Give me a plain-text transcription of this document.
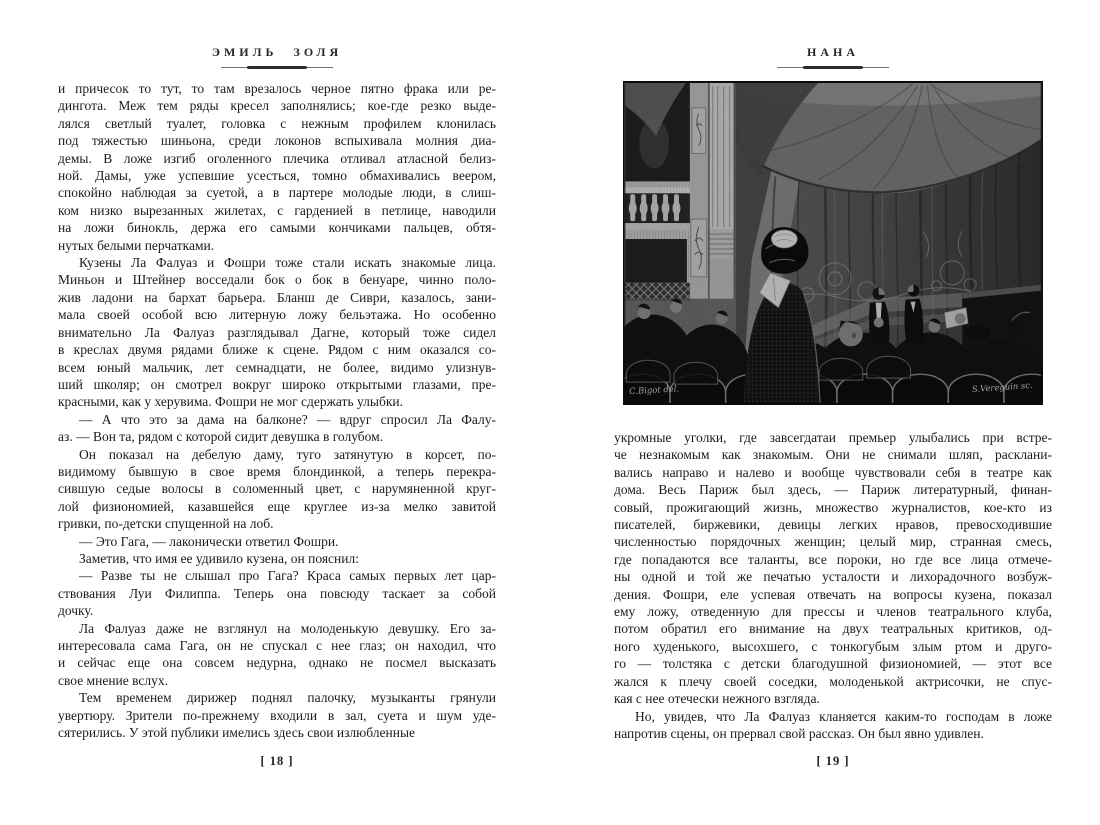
ЭМИЛЬ ЗОЛЯ
и причесок то тут, то там врезалось черное пятно фрака или ре-
дингота. Меж тем ряды кресел заполнялись; кое-где резко выде-
лялся светлый туалет, головка с нежным профилем клонилась
под тяжестью шиньона, среди локонов вспыхивала молния диа-
демы. В ложе изгиб оголенного плечика отливал атласной белиз-
ной. Дамы, уже успевшие усесться, томно обмахивались веером,
спокойно наблюдая за суетой, а в партере молодые люди, в слиш-
ком низко вырезанных жилетах, с гарденией в петлице, наводили
на ложи бинокль, держа его самыми кончиками пальцев, обтя-
нутых белыми перчатками.
Кузены Ла Фалуаз и Фошри тоже стали искать знакомые лица.
Миньон и Штейнер восседали бок о бок в бенуаре, чинно поло-
жив ладони на бархат барьера. Бланш де Сиври, казалось, зани-
мала своей особой всю литерную ложу бельэтажа. Но особенно
внимательно Ла Фалуаз разглядывал Дагне, который тоже сидел
в креслах двумя рядами ближе к сцене. Рядом с ним оказался со-
всем юный мальчик, лет семнадцати, не более, видимо улизнув-
ший школяр; он смотрел вокруг широко открытыми глазами, пре-
красными, как у херувима. Фошри не мог сдержать улыбки.
— А что это за дама на балконе? — вдруг спросил Ла Фалу-
аз. — Вон та, рядом с которой сидит девушка в голубом.
Он показал на дебелую даму, туго затянутую в корсет, по-
видимому бывшую в свое время блондинкой, а теперь перекра-
сившую седые волосы в соломенный цвет, с нарумяненной круг-
лой физиономией, казавшейся еще круглее из-за мелко завитой
гривки, по-детски спущенной на лоб.
— Это Гага, — лаконически ответил Фошри.
Заметив, что имя ее удивило кузена, он пояснил:
— Разве ты не слышал про Гага? Краса самых первых лет цар-
ствования Луи Филиппа. Теперь она повсюду таскает за собой
дочку.
Ла Фалуаз даже не взглянул на молоденькую девушку. Его за-
интересовала сама Гага, он не спускал с нее глаз; он находил, что
и сейчас еще она совсем недурна, однако не посмел высказать
свое мнение вслух.
Тем временем дирижер поднял палочку, музыканты грянули
увертюру. Зрители по-прежнему входили в зал, суета и шум уде-
сятерились. У этой публики имелись здесь свои излюбленные
[ 18 ]
НАНА
C.Bigot del.	S.Vereguin sc.
укромные уголки, где завсегдатаи премьер улыбались при встре-
че незнакомым как знакомым. Они не снимали шляп, расклани-
вались направо и налево и вообще чувствовали себя в театре как
дома. Весь Париж был здесь, — Париж литературный, финан-
совый, прожигающий жизнь, множество журналистов, кое-кто из
писателей, биржевики, девицы легких нравов, превосходившие
численностью порядочных женщин; целый мир, странная смесь,
где попадаются все таланты, все пороки, но где все лица отмече-
ны одной и той же печатью усталости и лихорадочного возбуж-
дения. Фошри, еле успевая отвечать на вопросы кузена, показал
ему ложу, отведенную для прессы и членов театрального клуба,
потом обратил его внимание на двух театральных критиков, од-
ного худенького, высохшего, с тонкогубым злым ртом и друго-
го — толстяка с детски благодушной физиономией, — этот все
жался к плечу своей соседки, молоденькой актрисочки, не спус-
кая с нее отечески нежного взгляда.
Но, увидев, что Ла Фалуаз кланяется каким-то господам в ложе
напротив сцены, он прервал свой рассказ. Он был явно удивлен.
[ 19 ]
